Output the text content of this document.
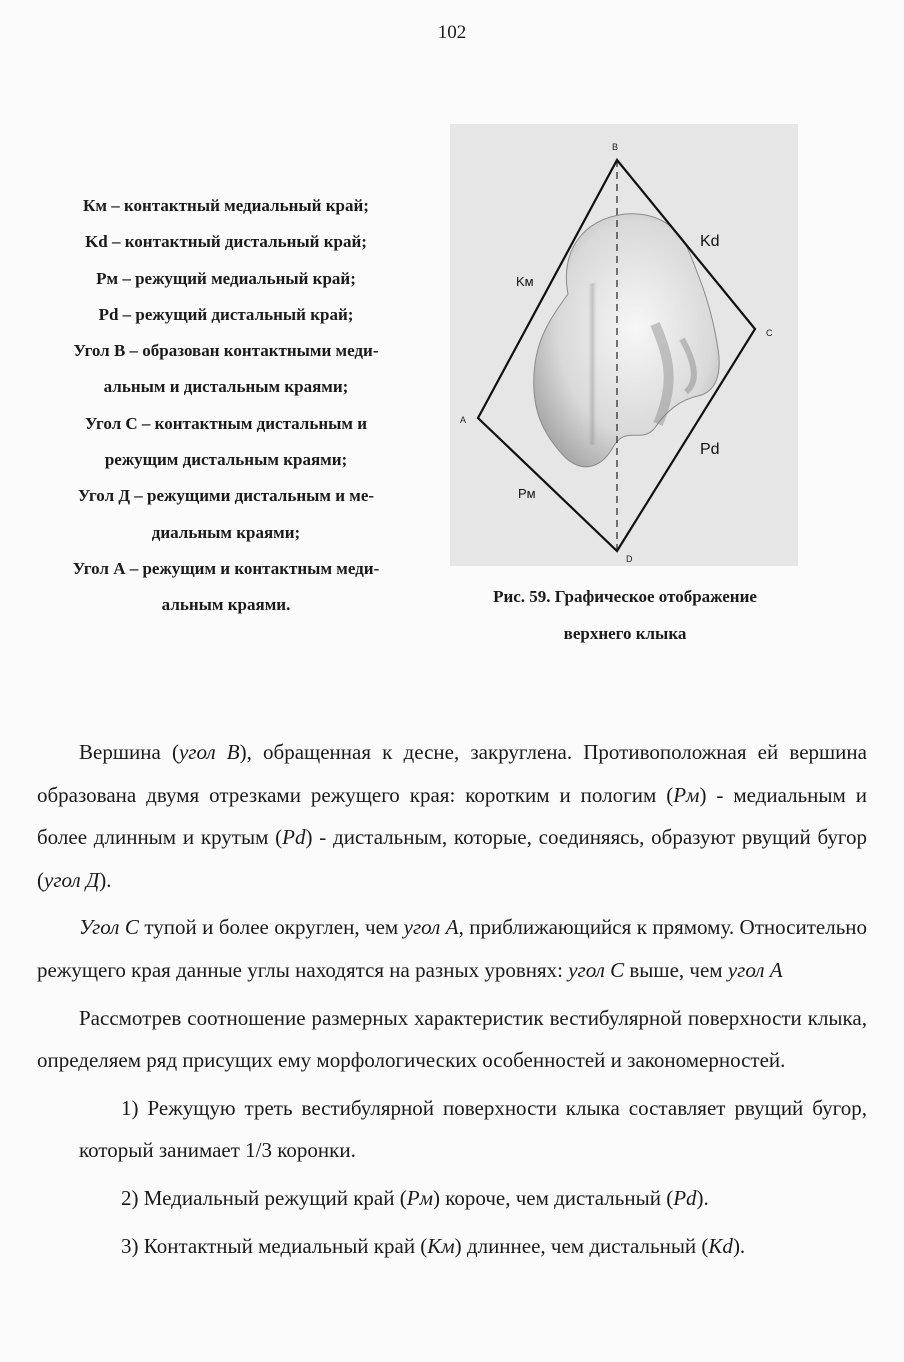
102
Км – контактный медиальный край;
Kd – контактный дистальный край;
Рм – режущий медиальный край;
Pd – режущий дистальный край;
Угол В – образован контактными меди-
альным и дистальным краями;
Угол С – контактным дистальным и
режущим дистальным краями;
Угол Д – режущими дистальным и ме-
диальным краями;
Угол А – режущим и контактным меди-
альным краями.
B
C
A
D
Kd
Kм
Pd
Pм
Рис. 59. Графическое отображение
верхнего клыка

Вершина (угол В), обращенная к десне, закруглена. Противоположная ей вершина образована двумя отрезками режущего края: коротким и пологим (Рм) - медиальным и более длинным и крутым (Pd) - дистальным, которые, соединяясь, образуют рвущий бугор (угол Д).

Угол С тупой и более округлен, чем угол А, приближающийся к прямому. Относительно режущего края данные углы находятся на разных уровнях: угол С выше, чем угол А

Рассмотрев соотношение размерных характеристик вестибулярной поверхности клыка, определяем ряд присущих ему морфологических особенностей и закономерностей.

1) Режущую треть вестибулярной поверхности клыка составляет рвущий бугор, который занимает 1/3 коронки.

2) Медиальный режущий край (Рм) короче, чем дистальный (Pd).

3) Контактный медиальный край (Км) длиннее, чем дистальный (Kd).
